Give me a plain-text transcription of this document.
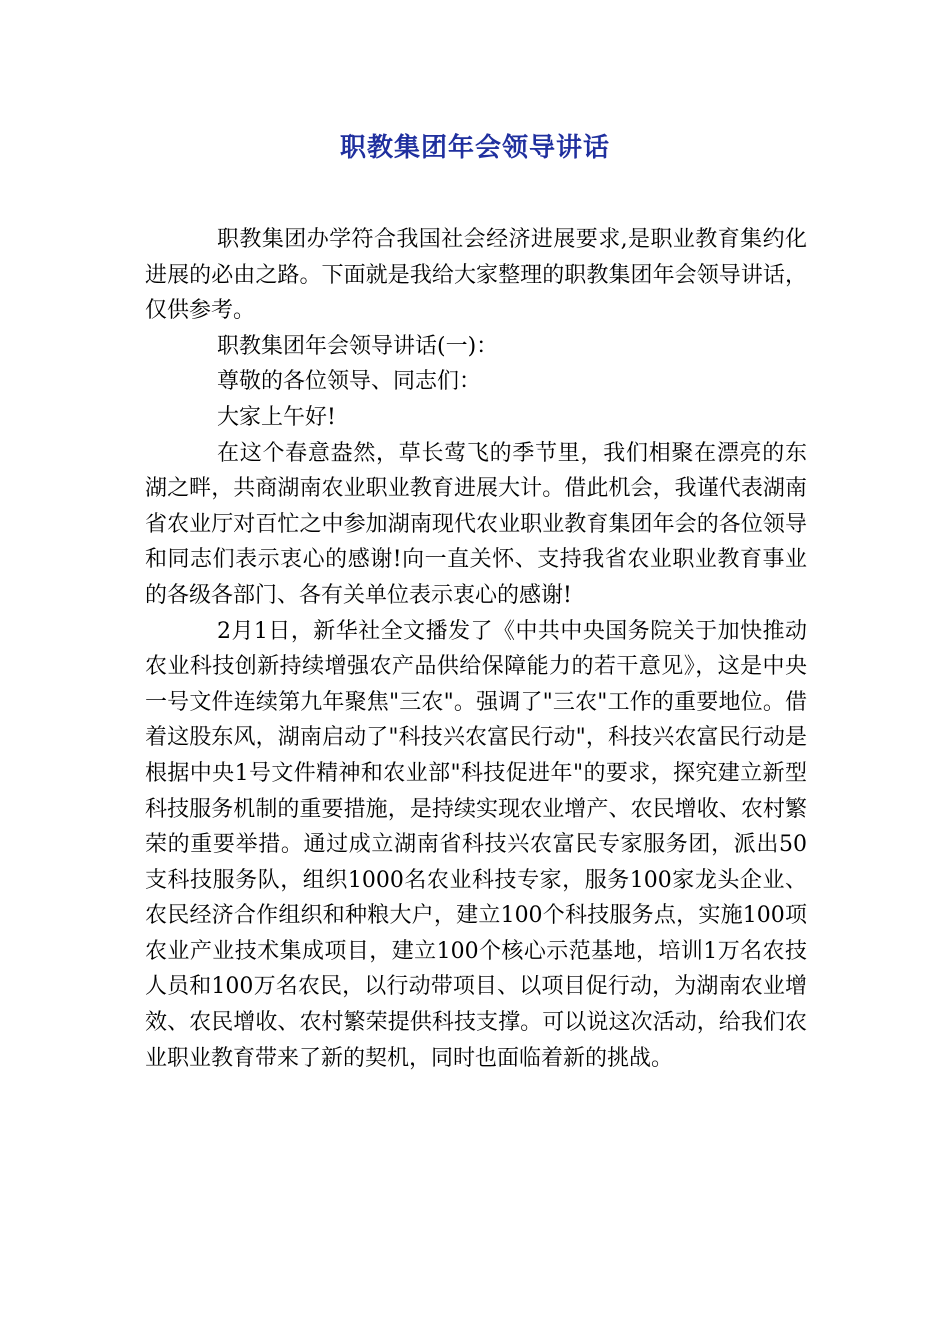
职教集团年会领导讲话

职教集团办学符合我国社会经济进展要求,是职业教育集约化进展的必由之路。下面就是我给大家整理的职教集团年会领导讲话，仅供参考。

职教集团年会领导讲话(一)：

尊敬的各位领导、同志们：

大家上午好!

在这个春意盎然，草长莺飞的季节里，我们相聚在漂亮的东湖之畔，共商湖南农业职业教育进展大计。借此机会，我谨代表湖南省农业厅对百忙之中参加湖南现代农业职业教育集团年会的各位领导和同志们表示衷心的感谢!向一直关怀、支持我省农业职业教育事业的各级各部门、各有关单位表示衷心的感谢!

2月1日，新华社全文播发了《中共中央国务院关于加快推动农业科技创新持续增强农产品供给保障能力的若干意见》，这是中央一号文件连续第九年聚焦"三农"。强调了"三农"工作的重要地位。借着这股东风，湖南启动了"科技兴农富民行动"，科技兴农富民行动是根据中央1号文件精神和农业部"科技促进年"的要求，探究建立新型科技服务机制的重要措施，是持续实现农业增产、农民增收、农村繁荣的重要举措。通过成立湖南省科技兴农富民专家服务团，派出50支科技服务队，组织1000名农业科技专家，服务100家龙头企业、农民经济合作组织和种粮大户，建立100个科技服务点，实施100项农业产业技术集成项目，建立100个核心示范基地，培训1万名农技人员和100万名农民，以行动带项目、以项目促行动，为湖南农业增效、农民增收、农村繁荣提供科技支撑。可以说这次活动，给我们农业职业教育带来了新的契机，同时也面临着新的挑战。
